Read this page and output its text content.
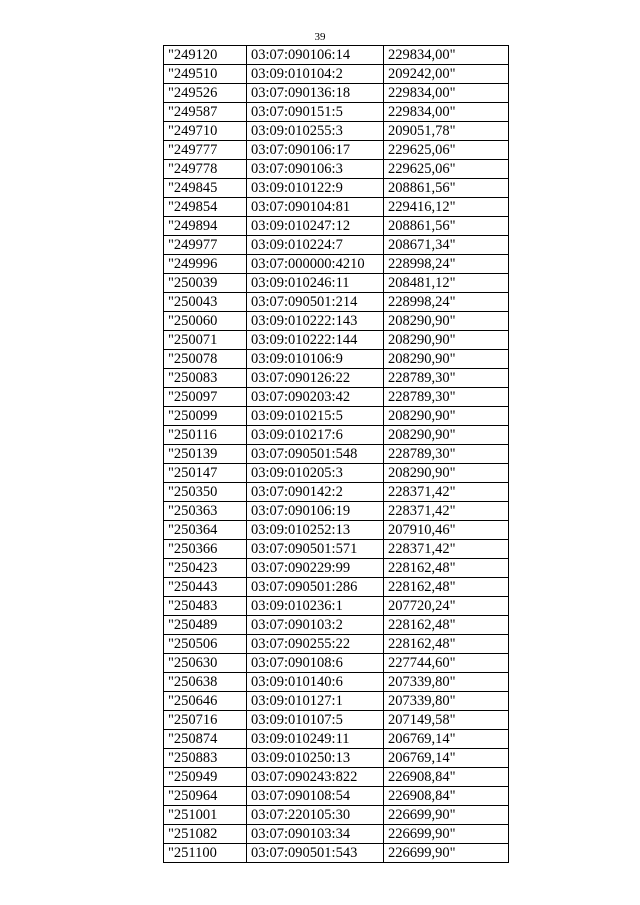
39
"249120	03:07:090106:14	229834,00"
"249510	03:09:010104:2	209242,00"
"249526	03:07:090136:18	229834,00"
"249587	03:07:090151:5	229834,00"
"249710	03:09:010255:3	209051,78"
"249777	03:07:090106:17	229625,06"
"249778	03:07:090106:3	229625,06"
"249845	03:09:010122:9	208861,56"
"249854	03:07:090104:81	229416,12"
"249894	03:09:010247:12	208861,56"
"249977	03:09:010224:7	208671,34"
"249996	03:07:000000:4210	228998,24"
"250039	03:09:010246:11	208481,12"
"250043	03:07:090501:214	228998,24"
"250060	03:09:010222:143	208290,90"
"250071	03:09:010222:144	208290,90"
"250078	03:09:010106:9	208290,90"
"250083	03:07:090126:22	228789,30"
"250097	03:07:090203:42	228789,30"
"250099	03:09:010215:5	208290,90"
"250116	03:09:010217:6	208290,90"
"250139	03:07:090501:548	228789,30"
"250147	03:09:010205:3	208290,90"
"250350	03:07:090142:2	228371,42"
"250363	03:07:090106:19	228371,42"
"250364	03:09:010252:13	207910,46"
"250366	03:07:090501:571	228371,42"
"250423	03:07:090229:99	228162,48"
"250443	03:07:090501:286	228162,48"
"250483	03:09:010236:1	207720,24"
"250489	03:07:090103:2	228162,48"
"250506	03:07:090255:22	228162,48"
"250630	03:07:090108:6	227744,60"
"250638	03:09:010140:6	207339,80"
"250646	03:09:010127:1	207339,80"
"250716	03:09:010107:5	207149,58"
"250874	03:09:010249:11	206769,14"
"250883	03:09:010250:13	206769,14"
"250949	03:07:090243:822	226908,84"
"250964	03:07:090108:54	226908,84"
"251001	03:07:220105:30	226699,90"
"251082	03:07:090103:34	226699,90"
"251100	03:07:090501:543	226699,90"
